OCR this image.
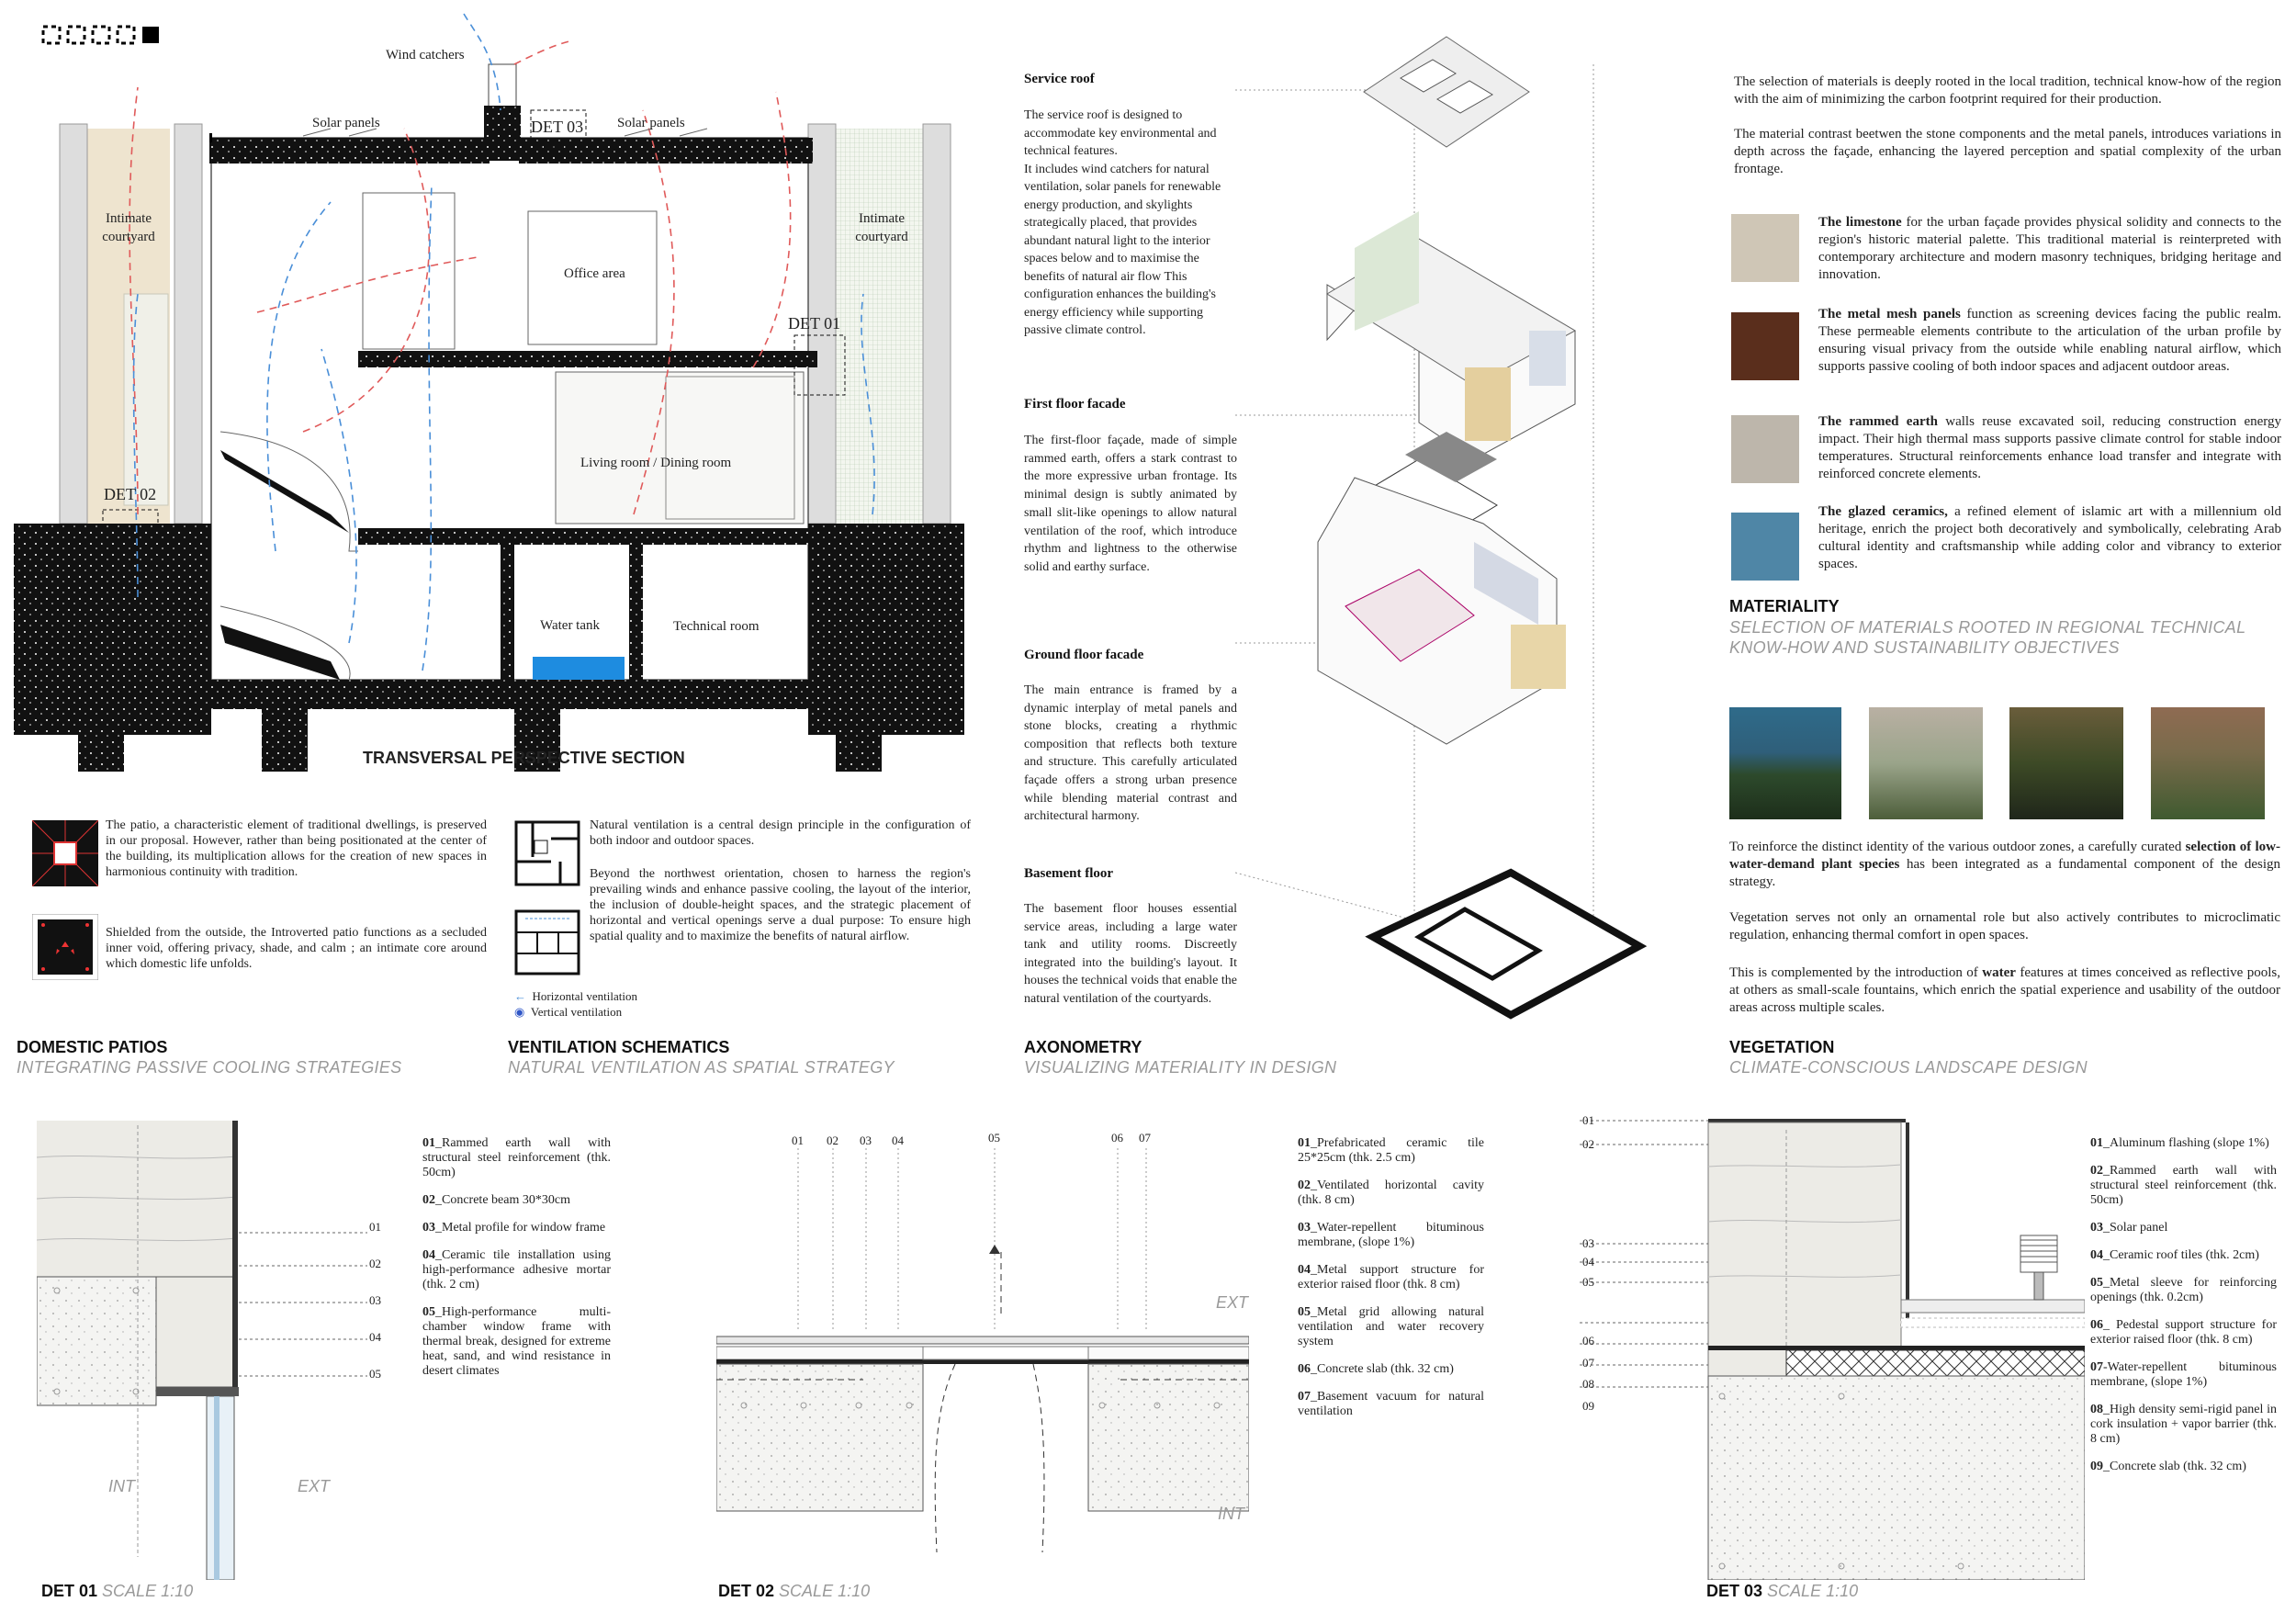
Wind catchers
Solar panels	Solar panels
DET 03
DET 01
DET 02
Intimate
courtyard
Intimate
courtyard
Office area
Living room / Dining room
Water tank	Technical room
TRANSVERSAL PERSPECTIVE SECTION
The patio, a characteristic element of traditional dwellings, is preserved in our proposal. However, rather than being positionated at the center of the building, its multiplication allows for the creation of new spaces in harmonious continuity with tradition.
Shielded from the outside, the Introverted patio functions as a secluded inner void, offering privacy, shade, and calm ; an intimate core around which domestic life unfolds.
DOMESTIC PATIOS
INTEGRATING PASSIVE COOLING STRATEGIES
Natural ventilation is a central design principle in the configuration of both indoor and outdoor spaces.
Beyond the northwest orientation, chosen to harness the region's prevailing winds and enhance passive cooling, the layout of the interior, the inclusion of double-height spaces, and the strategic placement of horizontal and vertical openings serve a dual purpose: To ensure high spatial quality and to maximize the benefits of natural airflow.
← Horizontal ventilation
◉ Vertical ventilation
VENTILATION SCHEMATICS
NATURAL VENTILATION AS SPATIAL STRATEGY
Service roof
The service roof is designed to accommodate key environmental and technical features.
It includes wind catchers for natural ventilation, solar panels for renewable energy production, and skylights strategically placed, that provides abundant natural light to the interior spaces below and to maximise the benefits of natural air flow This configuration enhances the building's energy efficiency while supporting passive climate control.
First floor facade
The first-floor façade, made of simple rammed earth, offers a stark contrast to the more expressive urban frontage. Its minimal design is subtly animated by small slit-like openings to allow natural ventilation of the roof, which introduce rhythm and lightness to the otherwise solid and earthy surface.
Ground floor facade
The main entrance is framed by a dynamic interplay of metal panels and stone blocks, creating a rhythmic composition that reflects both texture and structure. This carefully articulated façade offers a strong urban presence while blending material contrast and architectural harmony.
Basement floor
The basement floor houses essential service areas, including a large water tank and utility rooms. Discreetly integrated into the building's layout. It houses the technical voids that enable the natural ventilation of the courtyards.
AXONOMETRY
VISUALIZING MATERIALITY IN DESIGN
The selection of materials is deeply rooted in the local tradition, technical know-how of the region with the aim of minimizing the carbon footprint required for their production.
The material contrast beetwen the stone components and the metal panels, introduces variations in depth across the façade, enhancing the layered perception and spatial complexity of the urban frontage.
The limestone for the urban façade provides physical solidity and connects to the region's historic material palette. This traditional material is reinterpreted with contemporary architecture and modern masonry techniques, bridging heritage and innovation.
The metal mesh panels function as screening devices facing the public realm. These permeable elements contribute to the articulation of the urban profile by ensuring visual privacy from the outside while enabling natural airflow, which supports passive cooling of both indoor spaces and adjacent outdoor areas.
The rammed earth walls reuse excavated soil, reducing construction energy impact. Their high thermal mass supports passive climate control for stable indoor temperatures. Structural reinforcements enhance load transfer and integrate with reinforced concrete elements.
The glazed ceramics, a refined element of islamic art with a millennium old heritage, enrich the project both decoratively and symbolically, celebrating Arab cultural identity and craftsmanship while adding color and vibrancy to exterior spaces.
MATERIALITY
SELECTION OF MATERIALS ROOTED IN REGIONAL TECHNICAL
KNOW-HOW AND SUSTAINABILITY OBJECTIVES
To reinforce the distinct identity of the various outdoor zones, a carefully curated selection of low-water-demand plant species has been integrated as a fundamental component of the design strategy.
Vegetation serves not only an ornamental role but also actively contributes to microclimatic regulation, enhancing thermal comfort in open spaces.
This is complemented by the introduction of water features at times conceived as reflective pools, at others as small-scale fountains, which enrich the spatial experience and usability of the outdoor areas across multiple scales.
VEGETATION
CLIMATE-CONSCIOUS LANDSCAPE DESIGN
01
02
03
04
05
INT	EXT
DET 01 SCALE 1:10
01_Rammed earth wall with structural steel reinforcement (thk. 50cm)
02_Concrete beam 30*30cm
03_Metal profile for window frame
04_Ceramic tile installation using high-performance adhesive mortar (thk. 2 cm)
05_High-performance multi-chamber window frame with thermal break, designed for extreme heat, sand, and wind resistance in desert climates
01 02 03 04	05	06 07
EXT
INT
DET 02 SCALE 1:10
01_Prefabricated ceramic tile 25*25cm (thk. 2.5 cm)
02_Ventilated horizontal cavity (thk. 8 cm)
03_Water-repellent bituminous membrane, (slope 1%)
04_Metal support structure for exterior raised floor (thk. 8 cm)
05_Metal grid allowing natural ventilation and water recovery system
06_Concrete slab (thk. 32 cm)
07_Basement vacuum for natural ventilation
01
02
03
04
05
06
07
08
09
DET 03 SCALE 1:10
01_Aluminum flashing (slope 1%)
02_Rammed earth wall with structural steel reinforcement (thk. 50cm)
03_Solar panel
04_Ceramic roof tiles (thk. 2cm)
05_Metal sleeve for reinforcing openings (thk. 0.2cm)
06_ Pedestal support structure for exterior raised floor (thk. 8 cm)
07-Water-repellent bituminous membrane, (slope 1%)
08_High density semi-rigid panel in cork insulation + vapor barrier (thk. 8 cm)
09_Concrete slab (thk. 32 cm)
